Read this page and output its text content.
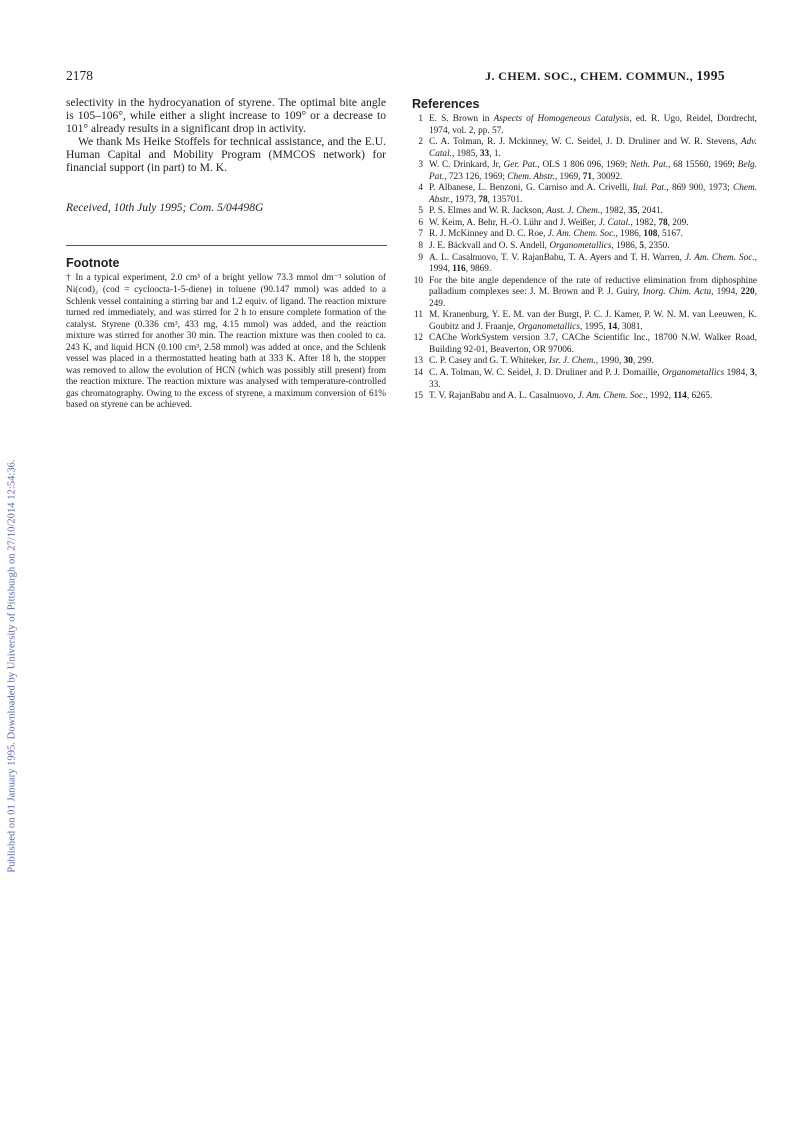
Published on 01 January 1995. Downloaded by University of Pittsburgh on 27/10/2014 12:54:36.
2178	J. CHEM. SOC., CHEM. COMMUN., 1995

selectivity in the hydrocyanation of styrene. The optimal bite angle is 105–106°, while either a slight increase to 109° or a decrease to 101° already results in a significant drop in activity.

We thank Ms Heike Stoffels for technical assistance, and the E.U. Human Capital and Mobility Program (MMCOS network) for financial support (in part) to M. K.

Received, 10th July 1995; Com. 5/04498G

Footnote

† In a typical experiment, 2.0 cm³ of a bright yellow 73.3 mmol dm⁻³ solution of Ni(cod)₂ (cod = cycloocta-1-5-diene) in toluene (90.147 mmol) was added to a Schlenk vessel containing a stirring bar and 1.2 equiv. of ligand. The reaction mixture turned red immediately, and was stirred for 2 h to ensure complete formation of the catalyst. Styrene (0.336 cm³, 433 mg, 4.15 mmol) was added, and the reaction mixture was stirred for another 30 min. The reaction mixture was then cooled to ca. 243 K, and liquid HCN (0.100 cm³, 2.58 mmol) was added at once, and the Schlenk vessel was placed in a thermostatted heating bath at 333 K. After 18 h, the stopper was removed to allow the evolution of HCN (which was possibly still present) from the reaction mixture. The reaction mixture was analysed with temperature-controlled gas chromatography. Owing to the excess of styrene, a maximum conversion of 61% based on styrene can be achieved.

References
1 E. S. Brown in Aspects of Homogeneous Catalysis, ed. R. Ugo, Reidel, Dordrecht, 1974, vol. 2, pp. 57.
2 C. A. Tolman, R. J. Mckinney, W. C. Seidel, J. D. Druliner and W. R. Stevens, Adv. Catal., 1985, 33, 1.
3 W. C. Drinkard, Jr, Ger. Pat., OLS 1 806 096, 1969; Neth. Pat., 68 15560, 1969; Belg. Pat., 723 126, 1969; Chem. Abstr., 1969, 71, 30092.
4 P. Albanese, L. Benzoni, G. Carniso and A. Crivelli, Ital. Pat., 869 900, 1973; Chem. Abstr., 1973, 78, 135701.
5 P. S. Elmes and W. R. Jackson, Aust. J. Chem., 1982, 35, 2041.
6 W. Keim, A. Behr, H.-O. Lühr and J. Weißer, J. Catal., 1982, 78, 209.
7 R. J. McKinney and D. C. Roe, J. Am. Chem. Soc., 1986, 108, 5167.
8 J. E. Bäckvall and O. S. Andell, Organometallics, 1986, 5, 2350.
9 A. L. Casalnuovo, T. V. RajanBabu, T. A. Ayers and T. H. Warren, J. Am. Chem. Soc., 1994, 116, 9869.
10 For the bite angle dependence of the rate of reductive elimination from diphosphine palladium complexes see: J. M. Brown and P. J. Guiry, Inorg. Chim. Acta, 1994, 220, 249.
11 M. Kranenburg, Y. E. M. van der Burgt, P. C. J. Kamer, P. W. N. M. van Leeuwen, K. Goubitz and J. Fraanje, Organometallics, 1995, 14, 3081.
12 CAChe WorkSystem version 3.7, CAChe Scientific Inc., 18700 N.W. Walker Road, Building 92-01, Beaverton, OR 97006.
13 C. P. Casey and G. T. Whiteker, Isr. J. Chem., 1990, 30, 299.
14 C. A. Tolman, W. C. Seidel, J. D. Druliner and P. J. Domaille, Organometallics 1984, 3, 33.
15 T. V. RajanBabu and A. L. Casalnuovo, J. Am. Chem. Soc., 1992, 114, 6265.
